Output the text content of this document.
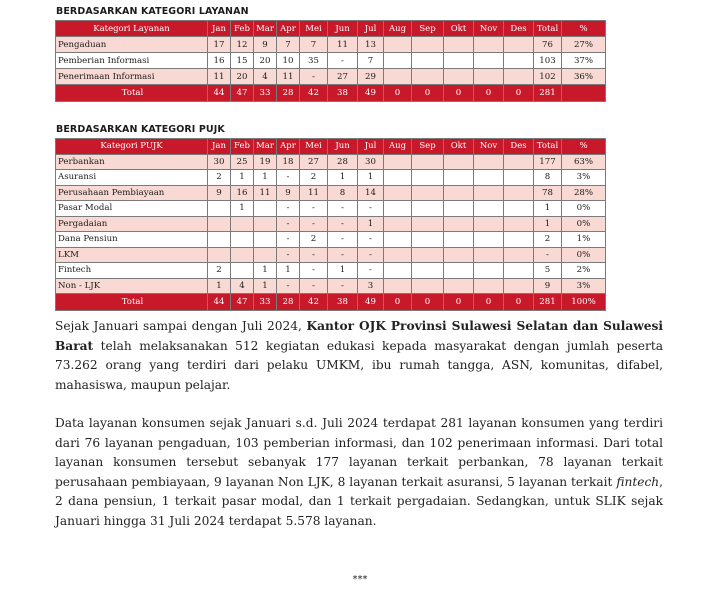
BERDASARKAN KATEGORI LAYANAN
Kategori Layanan	Jan	Feb	Mar	Apr	Mei	Jun	Jul	Aug	Sep	Okt	Nov	Des	Total	%
Pengaduan	17	12	9	7	7	11	13						76	27%
Pemberian Informasi	16	15	20	10	35	-	7						103	37%
Penerimaan Informasi	11	20	4	11	-	27	29						102	36%
Total	44	47	33	28	42	38	49	0	0	0	0	0	281	
BERDASARKAN KATEGORI PUJK
Kategori PUJK	Jan	Feb	Mar	Apr	Mei	Jun	Jul	Aug	Sep	Okt	Nov	Des	Total	%
Perbankan	30	25	19	18	27	28	30						177	63%
Asuransi	2	1	1	-	2	1	1						8	3%
Perusahaan Pembiayaan	9	16	11	9	11	8	14						78	28%
Pasar Modal		1		-	-	-	-						1	0%
Pergadaian				-	-	-	1						1	0%
Dana Pensiun				-	2	-	-						2	1%
LKM				-	-	-	-						-	0%
Fintech	2		1	1	-	1	-						5	2%
Non - LJK	1	4	1	-	-	-	3						9	3%
Total	44	47	33	28	42	38	49	0	0	0	0	0	281	100%

Sejak Januari sampai dengan Juli 2024, Kantor OJK Provinsi Sulawesi Selatan dan Sulawesi Barat telah melaksanakan 512 kegiatan edukasi kepada masyarakat dengan jumlah peserta 73.262 orang yang terdiri dari pelaku UMKM, ibu rumah tangga, ASN, komunitas, difabel, mahasiswa, maupun pelajar.

Data layanan konsumen sejak Januari s.d. Juli 2024 terdapat 281 layanan konsumen yang terdiri dari 76 layanan pengaduan, 103 pemberian informasi, dan 102 penerimaan informasi. Dari total layanan konsumen tersebut sebanyak 177 layanan terkait perbankan, 78 layanan terkait perusahaan pembiayaan, 9 layanan Non LJK, 8 layanan terkait asuransi, 5 layanan terkait fintech, 2 dana pensiun, 1 terkait pasar modal, dan 1 terkait pergadaian. Sedangkan, untuk SLIK sejak Januari hingga 31 Juli 2024 terdapat 5.578 layanan.

***
